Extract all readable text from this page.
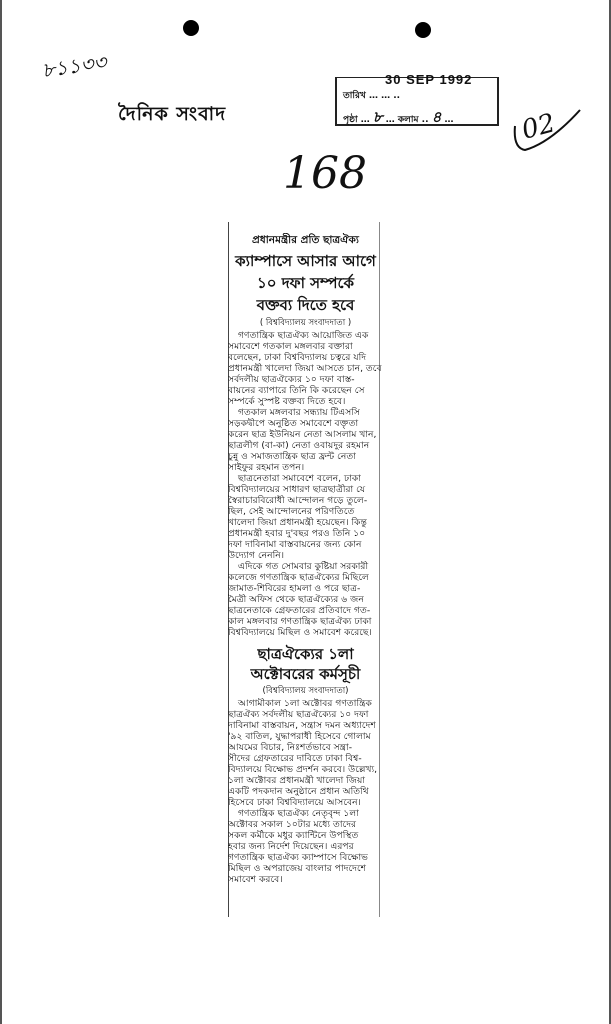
৮১১৩৩
দৈনিক সংবাদ
30 SEP 1992
তারিখ … … ..
পৃষ্ঠা … ৮ … কলাম .. ৪ …	02
168
প্রধানমন্ত্রীর প্রতি ছাত্রঐক্য
ক্যাম্পাসে আসার আগে
১০ দফা সম্পর্কে
বক্তব্য দিতে হবে
( বিশ্ববিদ্যালয় সংবাদদাতা )
গণতান্ত্রিক ছাত্রঐক্য আয়োজিত এক
সমাবেশে গতকাল মঙ্গলবার বক্তারা
বলেছেন, ঢাকা বিশ্ববিদ্যালয় চত্বরে যদি
প্রধানমন্ত্রী খালেদা জিয়া আসতে চান, তবে
সর্বদলীয় ছাত্রঐক্যের ১০ দফা বাস্ত-
বায়নের ব্যাপারে তিনি কি করেছেন সে
সম্পর্কে সুস্পষ্ট বক্তব্য দিতে হবে।
গতকাল মঙ্গলবার সন্ধ্যায় টিএসসি
সড়কদ্বীপে অনুষ্ঠিত সমাবেশে বক্তৃতা
করেন ছাত্র ইউনিয়ন নেতা আসলাম খান,
ছাত্রলীগ (বা-কা) নেতা ওবায়দুর রহমান
চুন্নু ও সমাজতান্ত্রিক ছাত্র ফ্রন্ট নেতা
সাইফুর রহমান তপন।
ছাত্রনেতারা সমাবেশে বলেন, ঢাকা
বিশ্ববিদ্যালয়ের সাধারণ ছাত্রছাত্রীরা যে
স্বৈরাচারবিরোধী আন্দোলন গড়ে তুলে-
ছিল, সেই আন্দোলনের পরিণতিতে
খালেদা জিয়া প্রধানমন্ত্রী হয়েছেন। কিন্তু
প্রধানমন্ত্রী হবার দু'বছর পরও তিনি ১০
দফা দাবিনামা বাস্তবায়নের জন্য কোন
উদ্যোগ নেননি।
এদিকে গত সোমবার কুষ্টিয়া সরকারী
কলেজে গণতান্ত্রিক ছাত্রঐক্যের মিছিলে
জামাত-শিবিরের হামলা ও পরে ছাত্র-
মৈত্রী অফিস থেকে ছাত্রঐক্যের ৬ জন
ছাত্রনেতাকে গ্রেফতারের প্রতিবাদে গত-
কাল মঙ্গলবার গণতান্ত্রিক ছাত্রঐক্য ঢাকা
বিশ্ববিদ্যালয়ে মিছিল ও সমাবেশ করেছে।
ছাত্রঐক্যের ১লা
অক্টোবরের কর্মসূচী
(বিশ্ববিদ্যালয় সংবাদদাতা)
আগামীকাল ১লা অক্টোবর গণতান্ত্রিক
ছাত্রঐক্য সর্বদলীয় ছাত্রঐক্যের ১০ দফা
দাবিনামা বাস্তবায়ন, সন্ত্রাস দমন অধ্যাদেশ
'৯২ বাতিল, যুদ্ধাপরাধী হিসেবে গোলাম
আযমের বিচার, নিঃশর্তভাবে সন্ত্রা-
সীদের গ্রেফতারের দাবিতে ঢাকা বিশ্ব-
বিদ্যালয়ে বিক্ষোভ প্রদর্শন করবে। উল্লেখ্য,
১লা অক্টোবর প্রধানমন্ত্রী খালেদা জিয়া
একটি পদকদান অনুষ্ঠানে প্রধান অতিথি
হিসেবে ঢাকা বিশ্ববিদ্যালয়ে আসবেন।
গণতান্ত্রিক ছাত্রঐক্য নেতৃবৃন্দ ১লা
অক্টোবর সকাল ১০টার মধ্যে তাদের
সকল কর্মীকে মধুর ক্যান্টিনে উপস্থিত
হবার জন্য নির্দেশ দিয়েছেন। এরপর
গণতান্ত্রিক ছাত্রঐক্য ক্যাম্পাসে বিক্ষোভ
মিছিল ও অপরাজেয় বাংলার পাদদেশে
সমাবেশ করবে।
